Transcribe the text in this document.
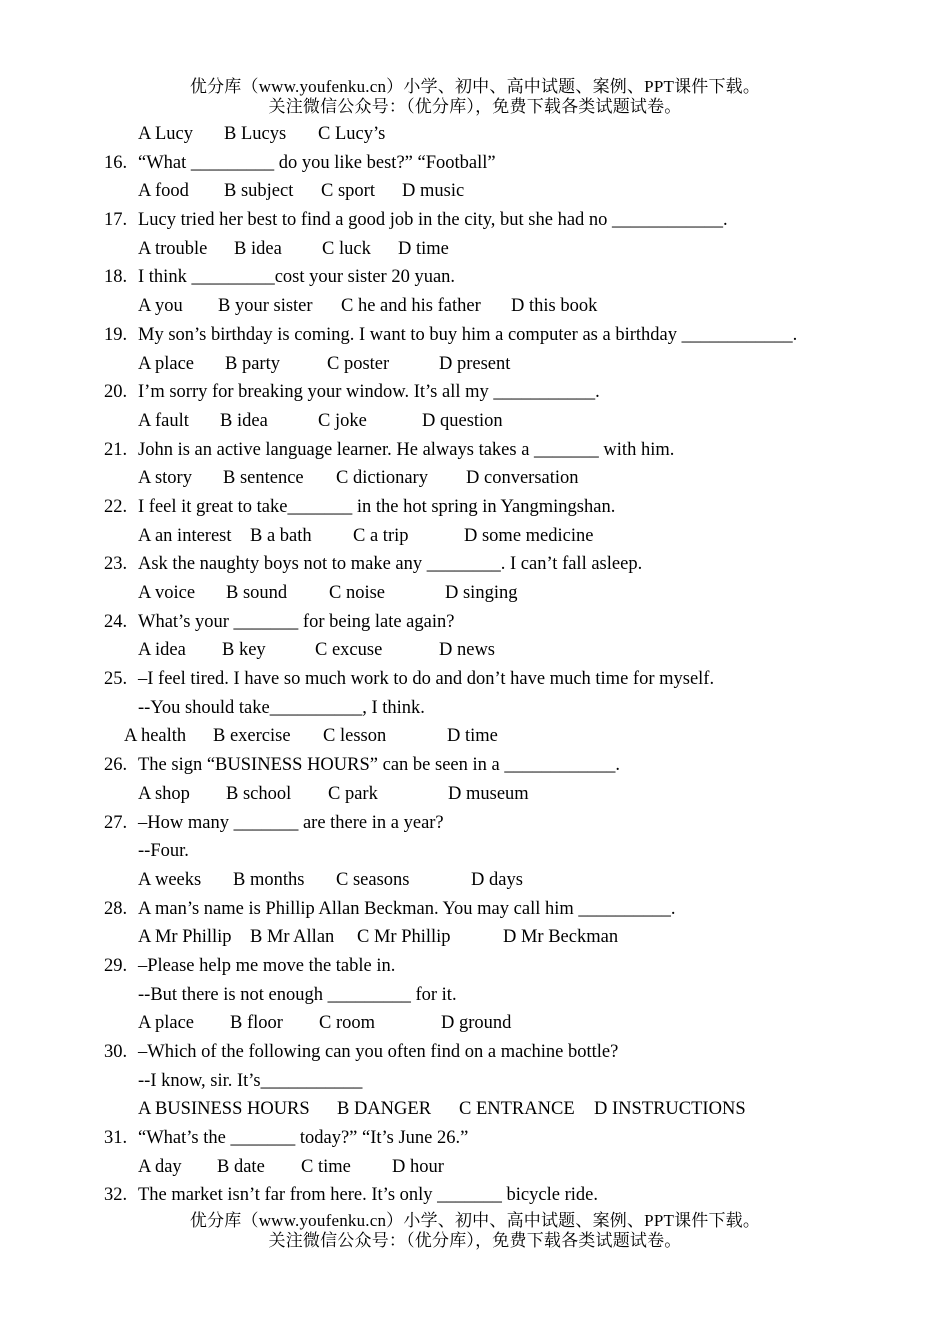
优分库（www.youfenku.cn）小学、初中、高中试题、案例、PPT课件下载。
关注微信公众号：（优分库），免费下载各类试题试卷。
A Lucy B Lucys C Lucy’s
16. “What _________ do you like best?” “Football”
A food B subject C sport D music
17. Lucy tried her best to find a good job in the city, but she had no ____________.
A trouble B idea C luck D time
18. I think _________cost your sister 20 yuan.
A you B your sister C he and his father D this book
19. My son’s birthday is coming. I want to buy him a computer as a birthday ____________.
A place B party	C poster	D present
20. I’m sorry for breaking your window. It’s all my ___________.
A fault B idea	C joke	D question
21. John is an active language learner. He always takes a _______ with him.
A story B sentence C dictionary D conversation
22. I feel it great to take_______ in the hot spring in Yangmingshan.
A an interest B a bath C a trip	D some medicine
23. Ask the naughty boys not to make any ________. I can’t fall asleep.
A voice B sound C noise	D singing
24. What’s your _______ for being late again?
A idea B key	C excuse	D news
25. –I feel tired. I have so much work to do and don’t have much time for myself.
--You should take__________, I think.
A health B exercise C lesson	D time
26. The sign “BUSINESS HOURS” can be seen in a ____________.
A shop B school C park	D museum
27. –How many _______ are there in a year?
--Four.
A weeks B months C seasons	D days
28. A man’s name is Phillip Allan Beckman. You may call him __________.
A Mr Phillip B Mr Allan C Mr Phillip	D Mr Beckman
29. –Please help me move the table in.
--But there is not enough _________ for it.
A place B floor C room	D ground
30. –Which of the following can you often find on a machine bottle?
--I know, sir. It’s___________
A BUSINESS HOURS B DANGER C ENTRANCE D INSTRUCTIONS
31. “What’s the _______ today?” “It’s June 26.”
A day B date C time D hour
32. The market isn’t far from here. It’s only _______ bicycle ride.
优分库（www.youfenku.cn）小学、初中、高中试题、案例、PPT课件下载。
关注微信公众号：（优分库），免费下载各类试题试卷。
